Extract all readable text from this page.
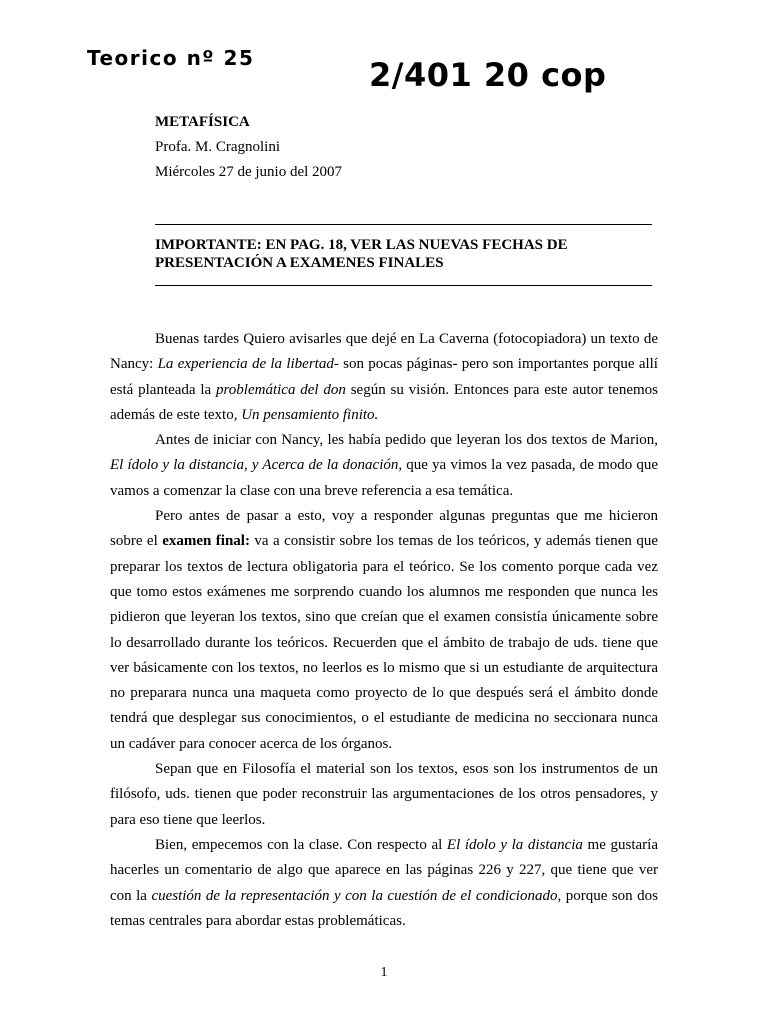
Teorico nº 25	2/401 20 cop
METAFÍSICA
Profa. M. Cragnolini
Miércoles 27 de junio del 2007
IMPORTANTE: EN PAG. 18, VER LAS NUEVAS FECHAS DE PRESENTACIÓN A EXAMENES FINALES

Buenas tardes Quiero avisarles que dejé en La Caverna (fotocopiadora) un texto de Nancy: La experiencia de la libertad- son pocas páginas- pero son importantes porque allí está planteada la problemática del don según su visión. Entonces para este autor tenemos además de este texto, Un pensamiento finito.

Antes de iniciar con Nancy, les había pedido que leyeran los dos textos de Marion, El ídolo y la distancia, y Acerca de la donación, que ya vimos la vez pasada, de modo que vamos a comenzar la clase con una breve referencia a esa temática.

Pero antes de pasar a esto, voy a responder algunas preguntas que me hicieron sobre el examen final: va a consistir sobre los temas de los teóricos, y además tienen que preparar los textos de lectura obligatoria para el teórico. Se los comento porque cada vez que tomo estos exámenes me sorprendo cuando los alumnos me responden que nunca les pidieron que leyeran los textos, sino que creían que el examen consistía únicamente sobre lo desarrollado durante los teóricos. Recuerden que el ámbito de trabajo de uds. tiene que ver básicamente con los textos, no leerlos es lo mismo que si un estudiante de arquitectura no preparara nunca una maqueta como proyecto de lo que después será el ámbito donde tendrá que desplegar sus conocimientos, o el estudiante de medicina no seccionara nunca un cadáver para conocer acerca de los órganos.

Sepan que en Filosofía el material son los textos, esos son los instrumentos de un filósofo, uds. tienen que poder reconstruir las argumentaciones de los otros pensadores, y para eso tiene que leerlos.

Bien, empecemos con la clase. Con respecto al El ídolo y la distancia me gustaría hacerles un comentario de algo que aparece en las páginas 226 y 227, que tiene que ver con la cuestión de la representación y con la cuestión de el condicionado, porque son dos temas centrales para abordar estas problemáticas.

1
